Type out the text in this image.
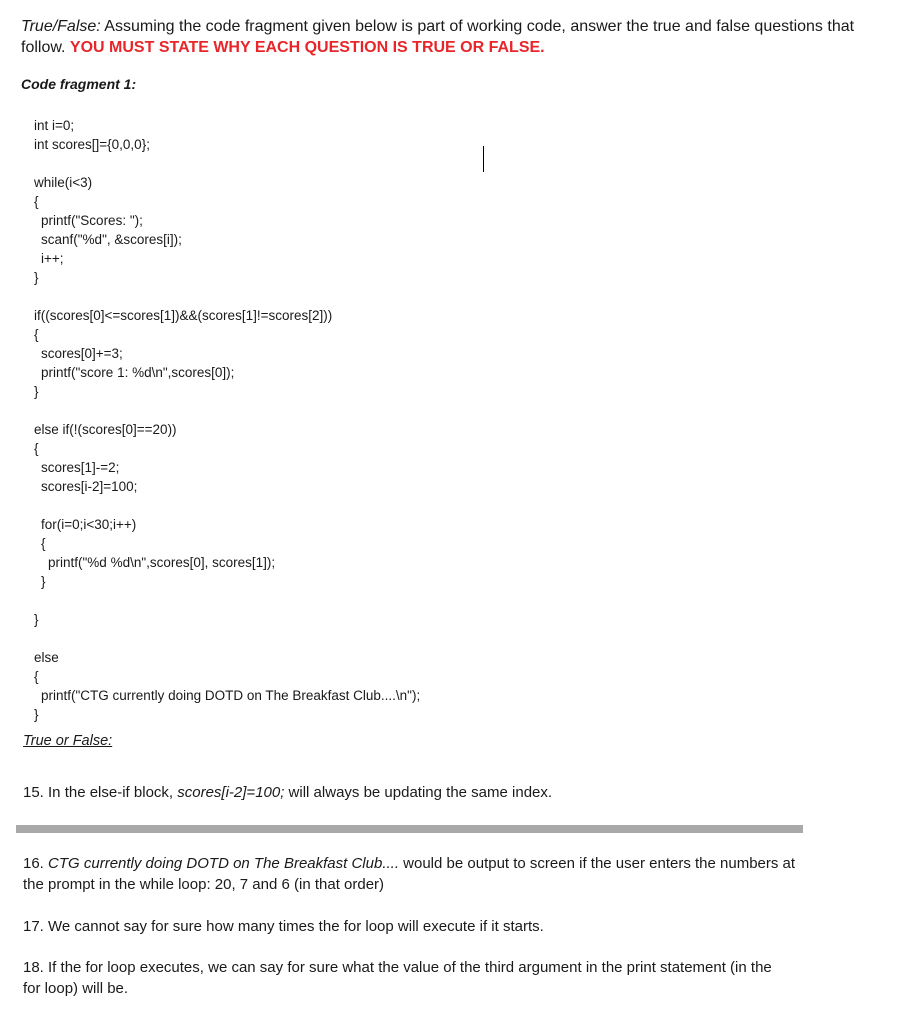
True/False: Assuming the code fragment given below is part of working code, answer the true and false questions that follow. YOU MUST STATE WHY EACH QUESTION IS TRUE OR FALSE.
Code fragment 1:
int i=0;
int scores[]={0,0,0};
while(i<3)
{
printf("Scores: ");
scanf("%d", &scores[i]);
i++;
}
if((scores[0]<=scores[1])&&(scores[1]!=scores[2]))
{
scores[0]+=3;
printf("score 1: %d\n",scores[0]);
}
else if(!(scores[0]==20))
{
scores[1]-=2;
scores[i-2]=100;
for(i=0;i<30;i++)
{
printf("%d %d\n",scores[0], scores[1]);
}
}
else
{
printf("CTG currently doing DOTD on The Breakfast Club....\n");
}
True or False:
15. In the else-if block, scores[i-2]=100; will always be updating the same index.
16. CTG currently doing DOTD on The Breakfast Club.... would be output to screen if the user enters the numbers at the prompt in the while loop: 20, 7 and 6 (in that order)
17. We cannot say for sure how many times the for loop will execute if it starts.
18. If the for loop executes, we can say for sure what the value of the third argument in the print statement (in the for loop) will be.
